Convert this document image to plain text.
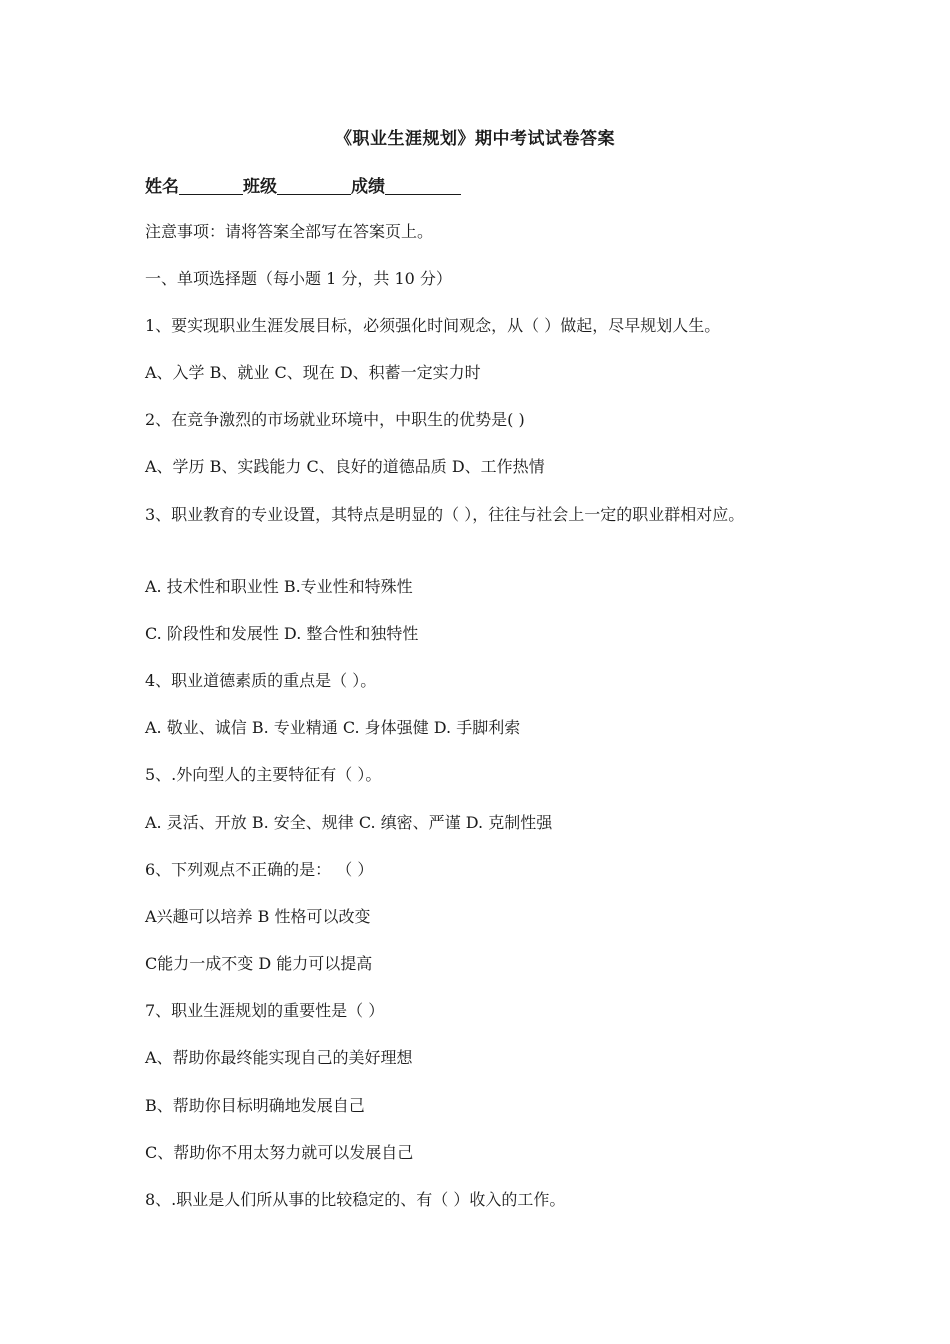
《职业生涯规划》期中考试试卷答案
姓名	班级	成绩
注意事项：请将答案全部写在答案页上。
一、单项选择题（每小题 1 分，共 10 分）
1、要实现职业生涯发展目标，必须强化时间观念，从（ ）做起，尽早规划人生。
A、入学 B、就业 C、现在 D、积蓄一定实力时
2、在竞争激烈的市场就业环境中，中职生的优势是( )
A、学历 B、实践能力 C、良好的道德品质 D、工作热情
3、职业教育的专业设置，其特点是明显的（ ），往往与社会上一定的职业群相对应。
A. 技术性和职业性 B.专业性和特殊性
C. 阶段性和发展性 D. 整合性和独特性
4、职业道德素质的重点是（ ）。
A. 敬业、诚信 B. 专业精通 C. 身体强健 D. 手脚利索
5、.外向型人的主要特征有（ ）。
A. 灵活、开放 B. 安全、规律 C. 缜密、严谨 D. 克制性强
6、下列观点不正确的是： （ ）
A兴趣可以培养 B 性格可以改变
C能力一成不变 D 能力可以提高
7、职业生涯规划的重要性是（ ）
A、帮助你最终能实现自己的美好理想
B、帮助你目标明确地发展自己
C、帮助你不用太努力就可以发展自己
8、.职业是人们所从事的比较稳定的、有（ ）收入的工作。
